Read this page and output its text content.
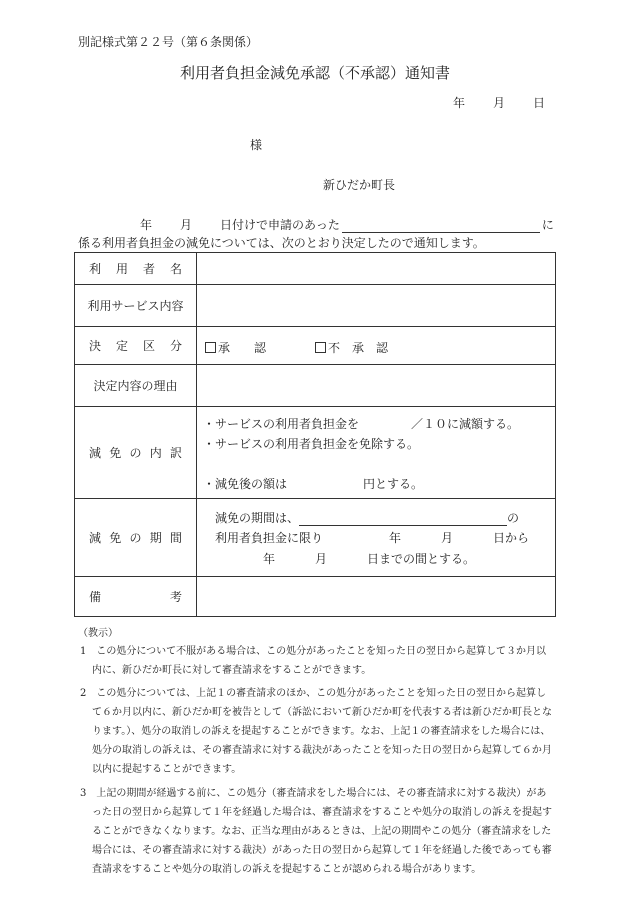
別記様式第２２号（第６条関係）
利用者負担金減免承認（不承認）通知書
年 月 日
様
新ひだか町長
年 月 日付けで申請のあった	に
係る利用者負担金の減免については、次のとおり決定したので通知します。
利 用 者 名	

利用サービス内容	

決 定 区 分	承　　認 不　承　認

決定内容の理由	

減 免 の 内 訳	・サービスの利用者負担金を ／１０に減額する。
・サービスの利用者負担金を免除する。
・減免後の額は 円とする。

減 免 の 期 間	減免の期間は、 の
利用者負担金に限り 年 月 日から
年 月 日までの間とする。

備 考	

（教示）
1　この処分について不服がある場合は、この処分があったことを知った日の翌日から起算して３か月以
内に、新ひだか町長に対して審査請求をすることができます。
2　この処分については、上記１の審査請求のほか、この処分があったことを知った日の翌日から起算し
て６か月以内に、新ひだか町を被告として（訴訟において新ひだか町を代表する者は新ひだか町長とな
ります。）、処分の取消しの訴えを提起することができます。なお、上記１の審査請求をした場合には、
処分の取消しの訴えは、その審査請求に対する裁決があったことを知った日の翌日から起算して６か月
以内に提起することができます。
3　上記の期間が経過する前に、この処分（審査請求をした場合には、その審査請求に対する裁決）があ
った日の翌日から起算して１年を経過した場合は、審査請求をすることや処分の取消しの訴えを提起す
ることができなくなります。なお、正当な理由があるときは、上記の期間やこの処分（審査請求をした
場合には、その審査請求に対する裁決）があった日の翌日から起算して１年を経過した後であっても審
査請求をすることや処分の取消しの訴えを提起することが認められる場合があります。
